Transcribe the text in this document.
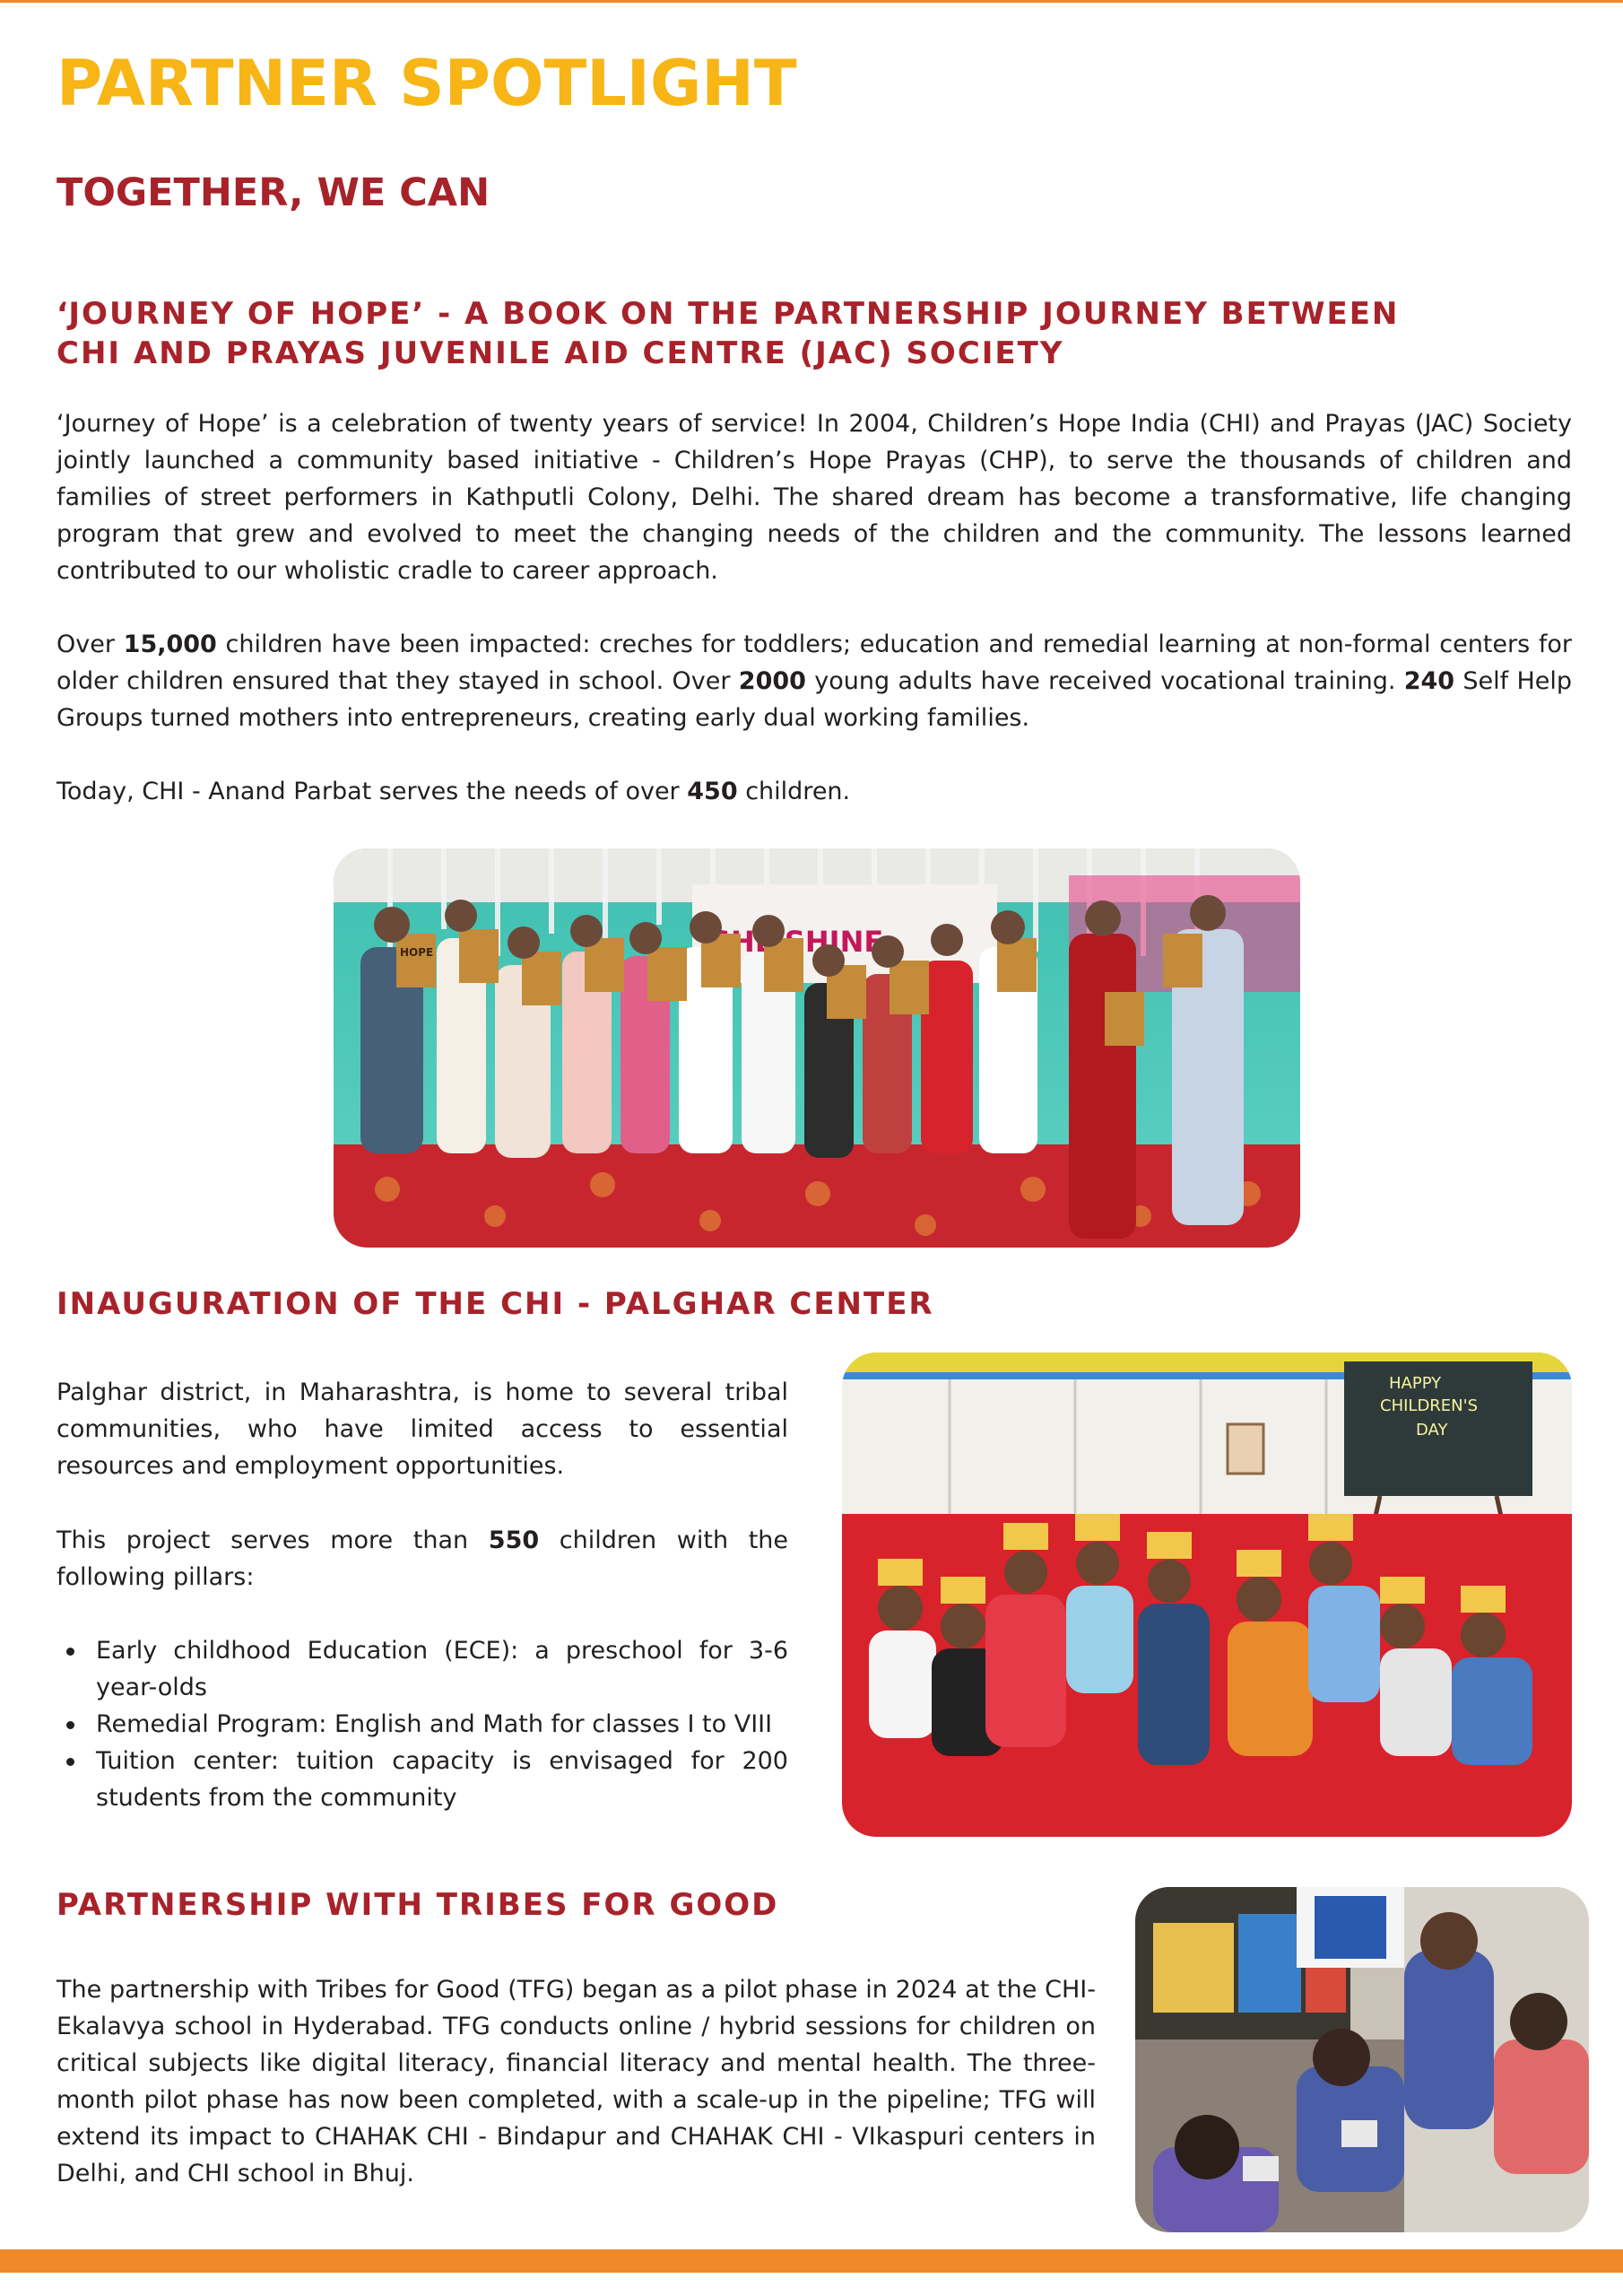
PARTNER SPOTLIGHT
TOGETHER, WE CAN
‘JOURNEY OF HOPE’ - A BOOK ON THE PARTNERSHIP JOURNEY BETWEEN
CHI AND PRAYAS JUVENILE AID CENTRE (JAC) SOCIETY

‘Journey of Hope’ is a celebration of twenty years of service! In 2004, Children’s Hope India (CHI) and Prayas (JAC) Society jointly launched a community based initiative - Children’s Hope Prayas (CHP), to serve the thousands of children and families of street performers in Kathputli Colony, Delhi. The shared dream has become a transformative, life changing program that grew and evolved to meet the changing needs of the children and the community. The lessons learned contributed to our wholistic cradle to career approach.

Over 15,000 children have been impacted: creches for toddlers; education and remedial learning at non-formal centers for older children ensured that they stayed in school. Over 2000 young adults have received vocational training. 240 Self Help Groups turned mothers into entrepreneurs, creating early dual working families.

Today, CHI - Anand Parbat serves the needs of over 450 children.

SHE SHINE
HOPE
INAUGURATION OF THE CHI - PALGHAR CENTER

Palghar district, in Maharashtra, is home to several tribal communities, who have limited access to essential resources and employment opportunities.

This project serves more than 550 children with the following pillars:

Early childhood Education (ECE): a preschool for 3-6 year-olds
Remedial Program: English and Math for classes I to VIII
Tuition center: tuition capacity is envisaged for 200 students from the community
HAPPY
CHILDREN'S
DAY
PARTNERSHIP WITH TRIBES FOR GOOD

The partnership with Tribes for Good (TFG) began as a pilot phase in 2024 at the CHI-Ekalavya school in Hyderabad. TFG conducts online / hybrid sessions for children on critical subjects like digital literacy, financial literacy and mental health. The three-month pilot phase has now been completed, with a scale-up in the pipeline; TFG will extend its impact to CHAHAK CHI - Bindapur and CHAHAK CHI - VIkaspuri centers in Delhi, and CHI school in Bhuj.
